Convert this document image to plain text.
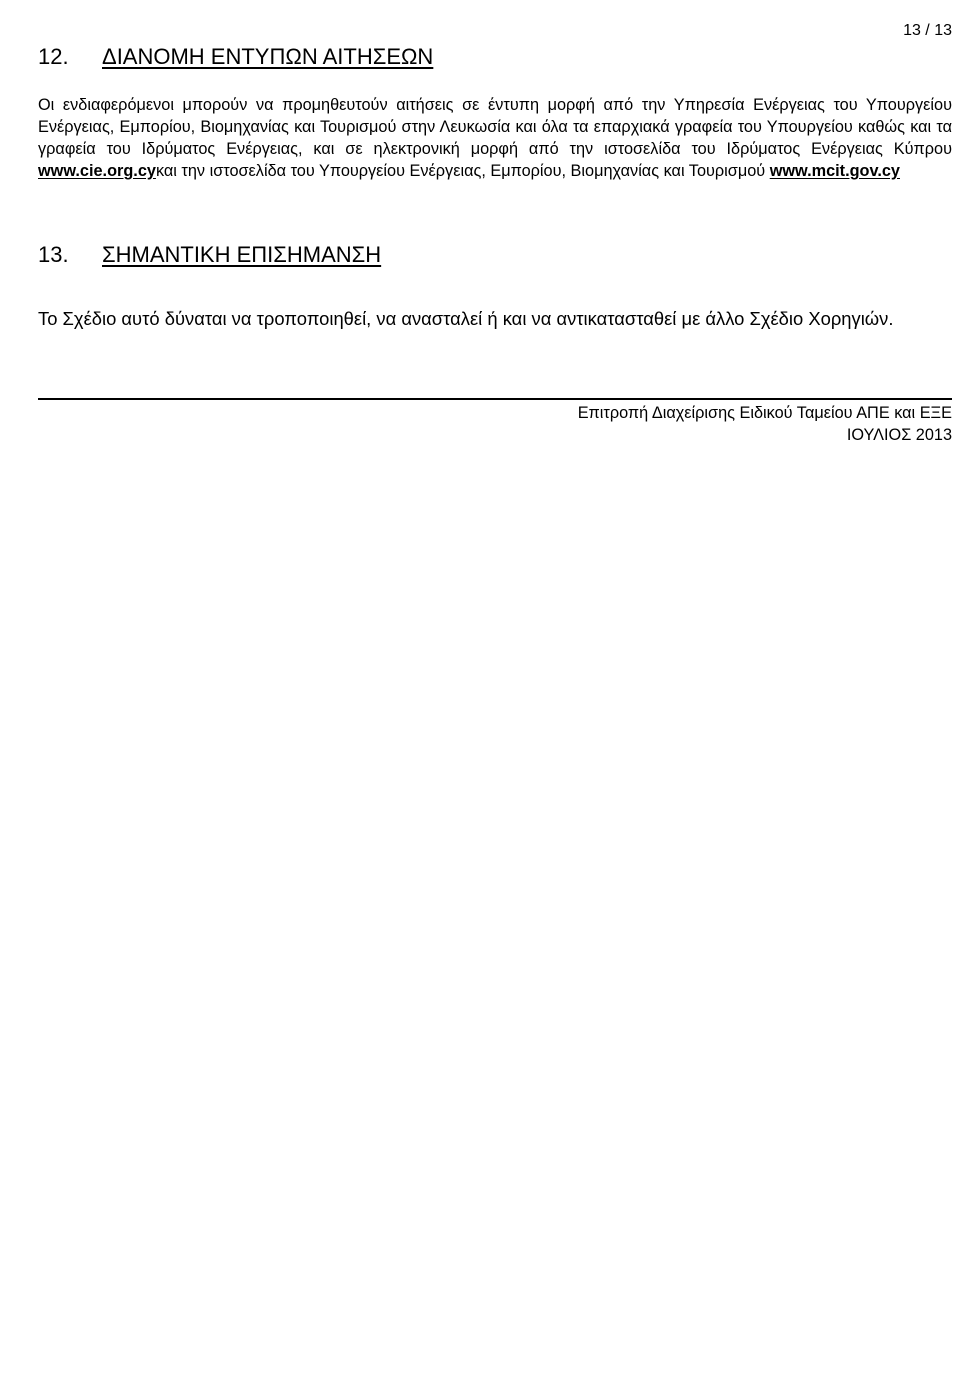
13 / 13
12. ΔΙΑΝΟΜΗ ΕΝΤΥΠΩΝ ΑΙΤΗΣΕΩΝ

Οι ενδιαφερόμενοι μπορούν να προμηθευτούν αιτήσεις σε έντυπη μορφή από την Υπηρεσία Ενέργειας του Υπουργείου Ενέργειας, Εμπορίου, Βιομηχανίας και Τουρισμού στην Λευκωσία και όλα τα επαρχιακά γραφεία του Υπουργείου καθώς και τα γραφεία του Ιδρύματος Ενέργειας, και σε ηλεκτρονική μορφή από την ιστοσελίδα του Ιδρύματος Ενέργειας Κύπρου www.cie.org.cyκαι την ιστοσελίδα του Υπουργείου Ενέργειας, Εμπορίου, Βιομηχανίας και Τουρισμού www.mcit.gov.cy

13. ΣΗΜΑΝΤΙΚΗ ΕΠΙΣΗΜΑΝΣΗ

Το Σχέδιο αυτό δύναται να τροποποιηθεί, να ανασταλεί ή και να αντικατασταθεί με άλλο Σχέδιο Χορηγιών.

Επιτροπή Διαχείρισης Ειδικού Ταμείου ΑΠΕ και ΕΞΕ
ΙΟΥΛΙΟΣ 2013
